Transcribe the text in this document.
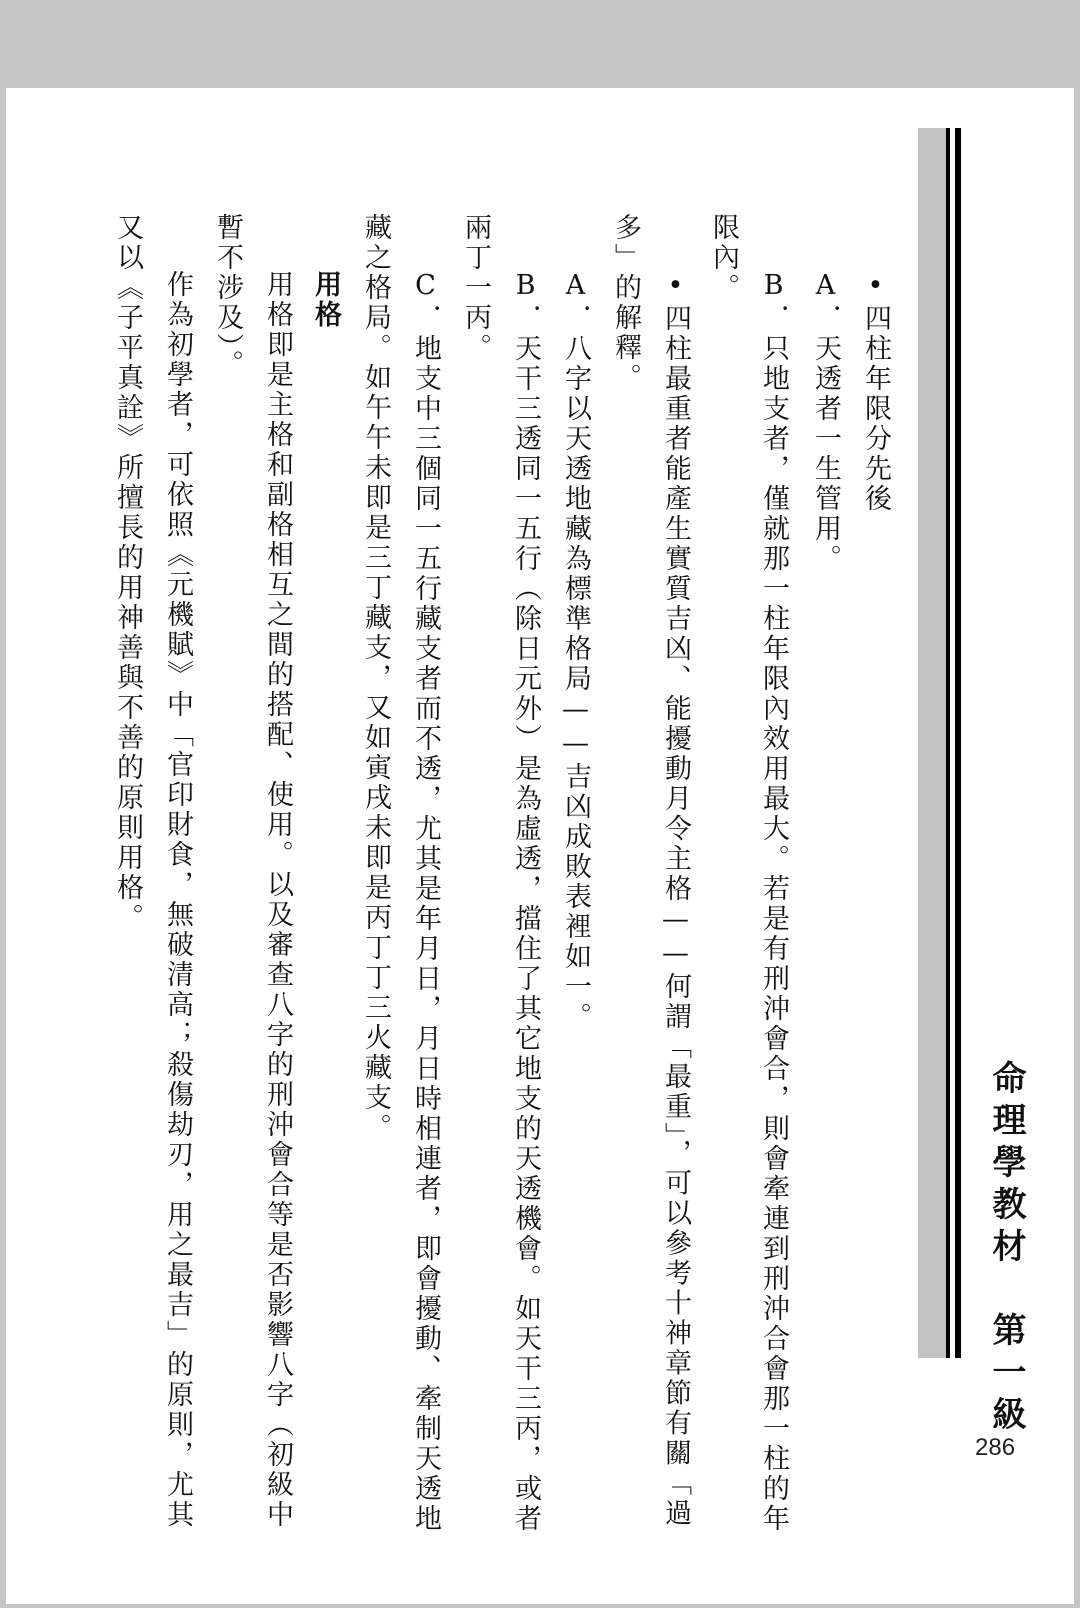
命理學教材　第一級
286
•四柱年限分先後
A．天透者一生管用。
B．只地支者，僅就那一柱年限內效用最大。若是有刑沖會合，則會牽連到刑沖合會那一柱的年
限內。
•四柱最重者能產生實質吉凶、能擾動月令主格——何謂「最重」，可以參考十神章節有關「過
多」的解釋。
A．八字以天透地藏為標準格局——吉凶成敗表裡如一。
B．天干三透同一五行（除日元外）是為虛透，擋住了其它地支的天透機會。如天干三丙，或者
兩丁一丙。
C．地支中三個同一五行藏支者而不透，尤其是年月日，月日時相連者，即會擾動、牽制天透地
藏之格局。如午午未即是三丁藏支，又如寅戌未即是丙丁丁三火藏支。
用格
用格即是主格和副格相互之間的搭配、使用。以及審查八字的刑沖會合等是否影響八字（初級中
暫不涉及）。
作為初學者，可依照《元機賦》中「官印財食，無破清高；殺傷劫刃，用之最吉」的原則，尤其
又以《子平真詮》所擅長的用神善與不善的原則用格。
